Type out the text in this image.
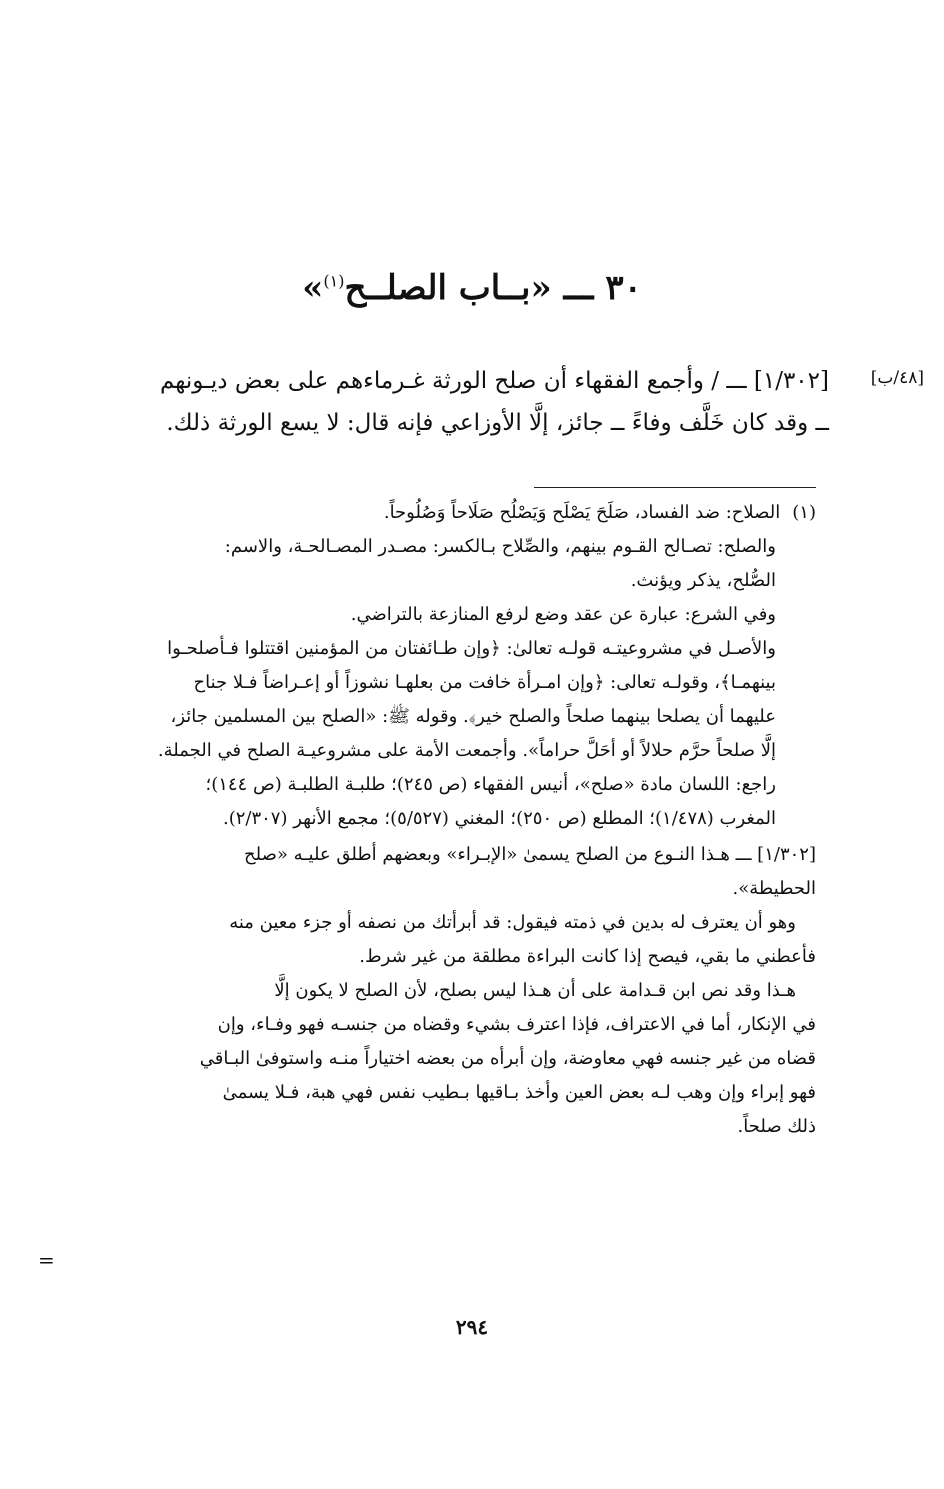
٣٠ ـــ «بــاب الصلــح$^{(١)}$»
[٤٨/ب]
[١/٣٠٢] ـــ / وأجمع الفقهاء أن صلح الورثة غـرماءهم على بعض ديـونهم
ــ وقد كان خَلَّف وفاءً ــ جائز، إلَّا الأوزاعي فإنه قال: لا يسع الورثة ذلك.
(١)الصلاح: ضد الفساد، صَلَحَ يَصْلَح وَيَصْلُح صَلَاحاً وَصُلُوحاً.
والصلح: تصـالح القـوم بينهم، والصِّلاح بـالكسر: مصـدر المصـالحـة، والاسم:
الصُّلح، يذكر ويؤنث.
وفي الشرع: عبارة عن عقد وضع لرفع المنازعة بالتراضي.
والأصـل في مشروعيتـه قولـه تعالىٰ: ﴿وإن طـائفتان من المؤمنين اقتتلوا فـأصلحـوا
بينهمـا﴾، وقولـه تعالى: ﴿وإن امـرأة خافت من بعلهـا نشوزاً أو إعـراضاً فـلا جناح
عليهما أن يصلحا بينهما صلحاً والصلح خير﴾. وقوله ﷺ: «الصلح بين المسلمين جائز،
إلَّا صلحاً حرَّم حلالاً أو أحَلَّ حراماً». وأجمعت الأمة على مشروعيـة الصلح في الجملة.
راجع: اللسان مادة «صلح»، أنيس الفقهاء (ص ٢٤٥)؛ طلبـة الطلبـة (ص ١٤٤)؛
المغرب (١/٤٧٨)؛ المطلع (ص ٢٥٠)؛ المغني (٥/٥٢٧)؛ مجمع الأنهر (٢/٣٠٧).
[١/٣٠٢] ـــ هـذا النـوع من الصلح يسمىٰ «الإبـراء» وبعضهم أطلق عليـه «صلح
الحطيطة».
وهو أن يعترف له بدين في ذمته فيقول: قد أبرأتك من نصفه أو جزء معين منه
فأعطني ما بقي، فيصح إذا كانت البراءة مطلقة من غير شرط.
هـذا وقد نص ابن قـدامة على أن هـذا ليس بصلح، لأن الصلح لا يكون إلَّا
في الإنكار، أما في الاعتراف، فإذا اعترف بشيء وقضاه من جنسـه فهو وفـاء، وإن
قضاه من غير جنسه فهي معاوضة، وإن أبرأه من بعضه اختياراً منـه واستوفىٰ البـاقي
فهو إبراء وإن وهب لـه بعض العين وأخذ بـاقيها بـطيب نفس فهي هبة، فـلا يسمىٰ
ذلك صلحاً.
=
٢٩٤
